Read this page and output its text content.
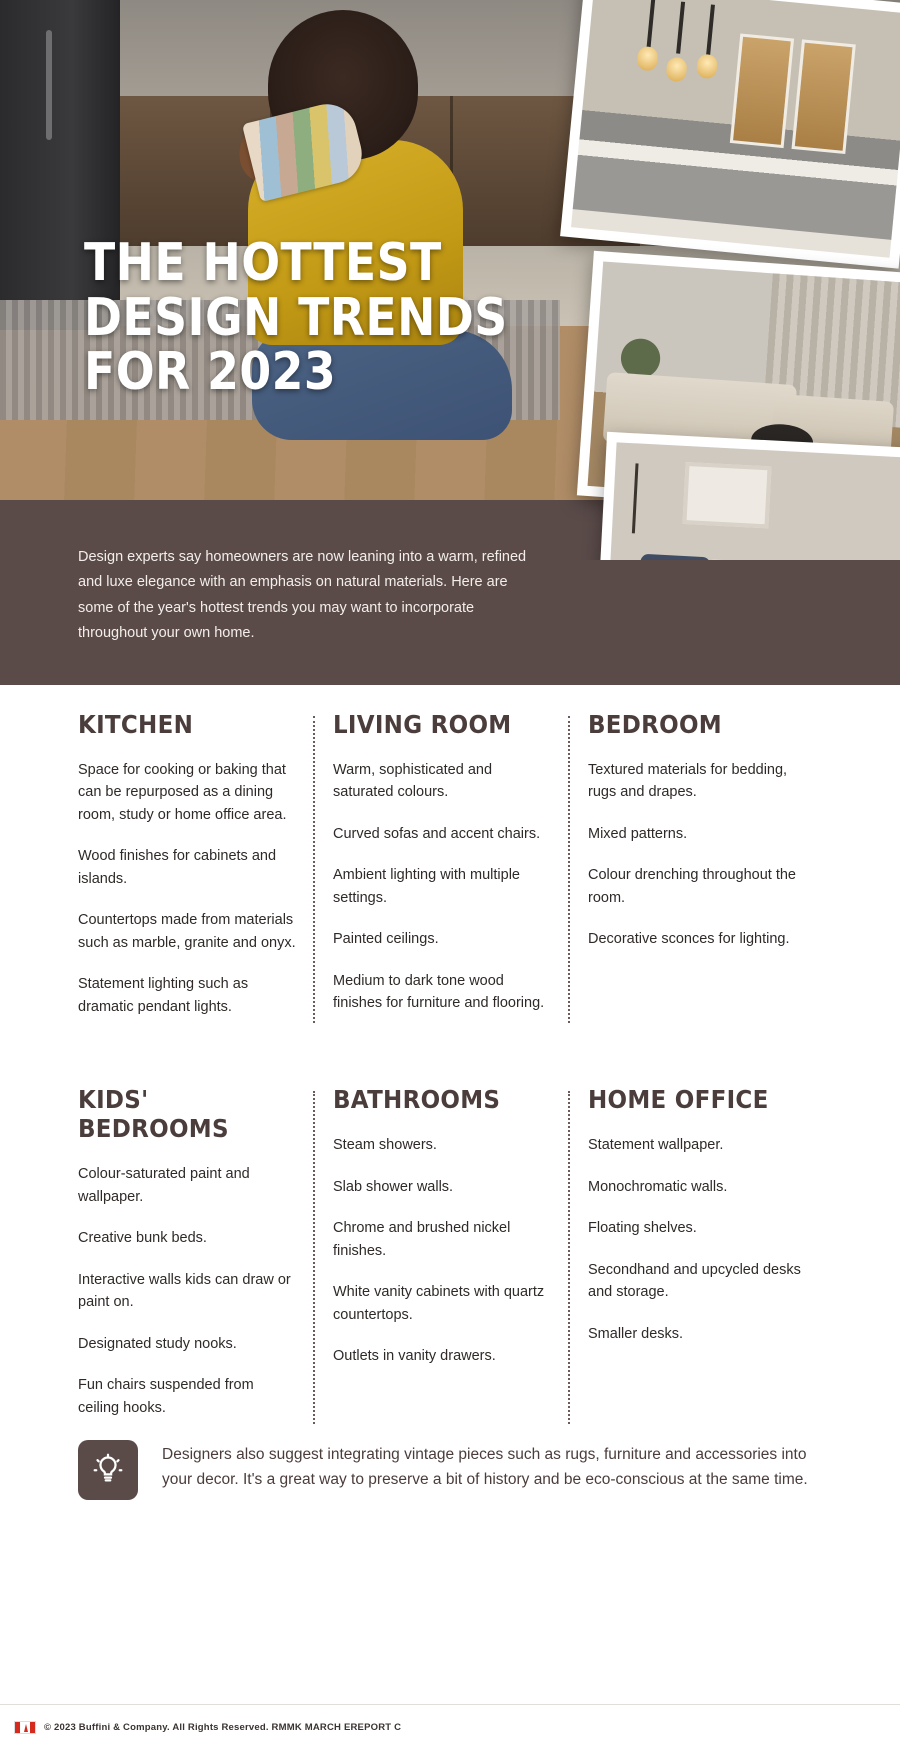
THE HOTTEST
DESIGN TRENDS
FOR 2023

Design experts say homeowners are now leaning into a warm, refined and luxe elegance with an emphasis on natural materials. Here are some of the year's hottest trends you may want to incorporate throughout your own home.

KITCHEN
Space for cooking or baking that can be repurposed as a dining room, study or home office area.
Wood finishes for cabinets and islands.
Countertops made from materials such as marble, granite and onyx.
Statement lighting such as dramatic pendant lights.
LIVING ROOM
Warm, sophisticated and saturated colours.
Curved sofas and accent chairs.
Ambient lighting with multiple settings.
Painted ceilings.
Medium to dark tone wood finishes for furniture and flooring.
BEDROOM
Textured materials for bedding, rugs and drapes.
Mixed patterns.
Colour drenching throughout the room.
Decorative sconces for lighting.
KIDS' BEDROOMS
Colour-saturated paint and wallpaper.
Creative bunk beds.
Interactive walls kids can draw or paint on.
Designated study nooks.
Fun chairs suspended from ceiling hooks.
BATHROOMS
Steam showers.
Slab shower walls.
Chrome and brushed nickel finishes.
White vanity cabinets with quartz countertops.
Outlets in vanity drawers.
HOME OFFICE
Statement wallpaper.
Monochromatic walls.
Floating shelves.
Secondhand and upcycled desks and storage.
Smaller desks.
Designers also suggest integrating vintage pieces such as rugs, furniture and accessories into your decor. It's a great way to preserve a bit of history and be eco-conscious at the same time.
© 2023 Buffini & Company. All Rights Reserved. RMMK MARCH EREPORT C
